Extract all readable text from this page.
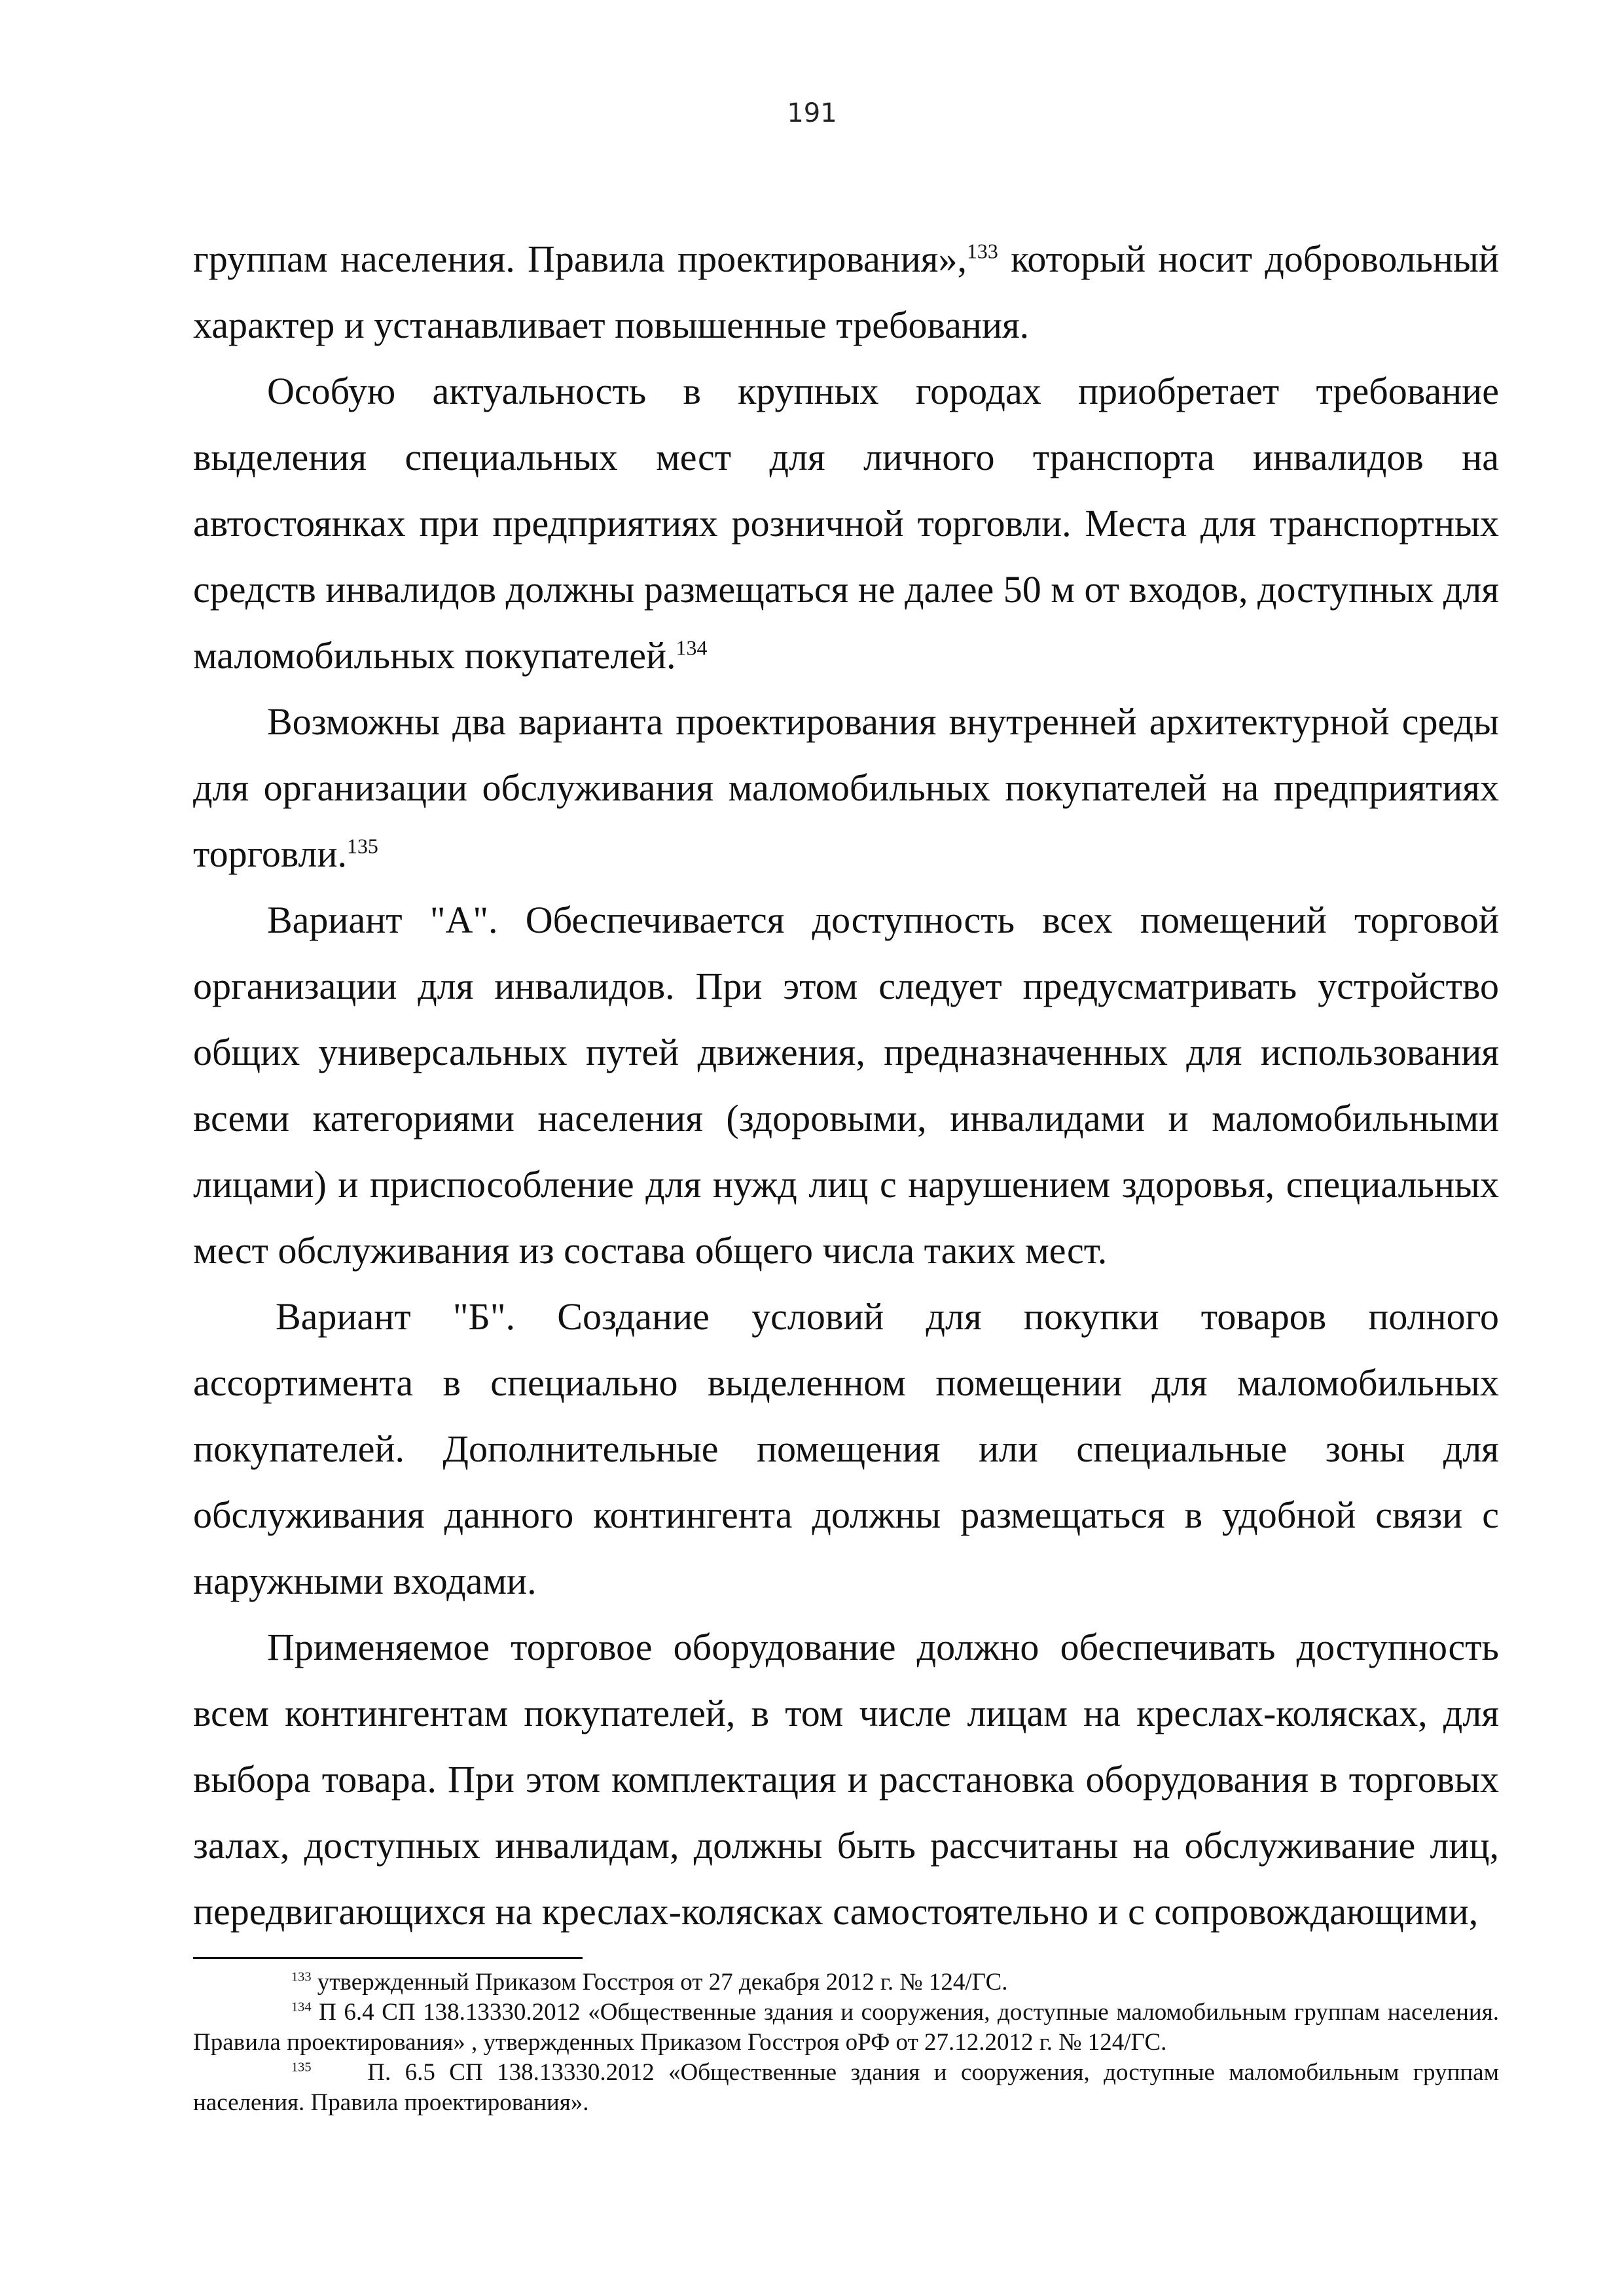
191

группам населения. Правила проектирования»,$^{133}$ который носит добровольный характер и устанавливает повышенные требования.

Особую актуальность в крупных городах приобретает требование выделения специальных мест для личного транспорта инвалидов на автостоянках при предприятиях розничной торговли. Места для транспортных средств инвалидов должны размещаться не далее 50 м от входов, доступных для маломобильных покупателей.$^{134}$

Возможны два варианта проектирования внутренней архитектурной среды для организации обслуживания маломобильных покупателей на предприятиях торговли.$^{135}$

Вариант "А". Обеспечивается доступность всех помещений торговой организации для инвалидов. При этом следует предусматривать устройство общих универсальных путей движения, предназначенных для использования всеми категориями населения (здоровыми, инвалидами и маломобильными лицами) и приспособление для нужд лиц с нарушением здоровья, специальных мест обслуживания из состава общего числа таких мест.

Вариант "Б". Создание условий для покупки товаров полного ассортимента в специально выделенном помещении для маломобильных покупателей. Дополнительные помещения или специальные зоны для обслуживания данного контингента должны размещаться в удобной связи с наружными входами.

Применяемое торговое оборудование должно обеспечивать доступность всем контингентам покупателей, в том числе лицам на креслах-колясках, для выбора товара. При этом комплектация и расстановка оборудования в торговых залах, доступных инвалидам, должны быть рассчитаны на обслуживание лиц, передвигающихся на креслах-колясках самостоятельно и с сопровождающими,

$^{133}$ утвержденный Приказом Госстроя от 27 декабря 2012 г. № 124/ГС.

$^{134}$ П 6.4 СП 138.13330.2012 «Общественные здания и сооружения, доступные маломобильным группам населения. Правила проектирования» , утвержденных Приказом Госстроя оРФ от 27.12.2012 г. № 124/ГС.

$^{135}$ П. 6.5 СП 138.13330.2012 «Общественные здания и сооружения, доступные маломобильным группам населения. Правила проектирования».
